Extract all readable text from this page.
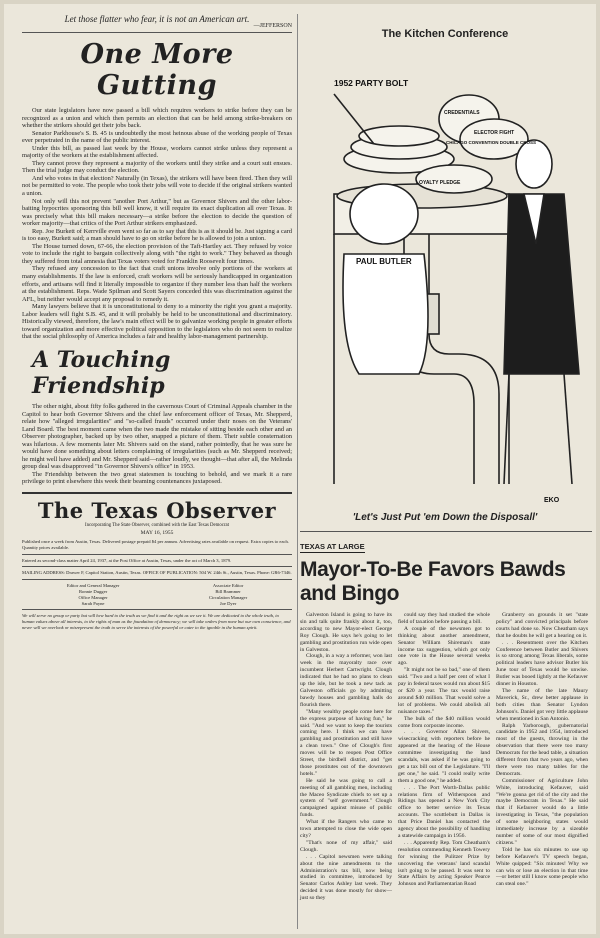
Let those flatter who fear, it is not an American art.
—JEFFERSON
One More Gutting

Our state legislators have now passed a bill which requires workers to strike before they can be recognized as a union and which then permits an election that can be held among strike-breakers on whether the strikers should get their jobs back.

Senator Parkhouse's S. B. 45 is undoubtedly the most heinous abuse of the working people of Texas ever perpetrated in the name of the public interest.

Under this bill, as passed last week by the House, workers cannot strike unless they represent a majority of the workers at the establishment affected.

They cannot prove they represent a majority of the workers until they strike and a court suit ensues. Then the trial judge may conduct the election.

And who votes in that election? Naturally (in Texas), the strikers will have been fired. Then they will not be permitted to vote. The people who took their jobs will vote to decide if the original strikers wanted a union.

Not only will this not prevent "another Port Arthur," but as Governor Shivers and the other labor-baiting hypocrites sponsoring this bill well know, it will require its exact duplication all over Texas. It was precisely what this bill makes necessary—a strike before the election to decide the question of worker majority—that critics of the Port Arthur strikers emphasized.

Rep. Joe Burkett of Kerrville even went so far as to say that this is as it should be. Just signing a card is too easy, Burkett said; a man should have to go on strike before he is allowed to join a union.

The House turned down, 67-66, the election provision of the Taft-Hartley act. They refused by voice vote to include the right to bargain collectively along with "the right to work." They behaved as though they suffered from total amnesia that Texas voters voted for Franklin Roosevelt four times.

They refused any concession to the fact that craft unions involve only portions of the workers at many establishments. If the law is enforced, craft workers will be seriously handicapped in organization efforts, and artisans will find it literally impossible to organize if they number less than half the workers at the establishment. Reps. Wade Spilman and Scott Sayers conceded this was discrimination against the AFL, but neither would accept any proposal to remedy it.

Many lawyers believe that it is unconstitutional to deny to a minority the right you grant a majority. Labor leaders will fight S.B. 45, and it will probably be held to be unconstitutional and discriminatory. Historically viewed, therefore, the law's main effect will be to galvanize working people in greater efforts toward organization and more effective political opposition to the legislators who do not seem to realize that the social philosophy of America includes a fair and healthy labor-management partnership.

A Touching Friendship

The other night, about fifty folks gathered in the cavernous Court of Criminal Appeals chamber in the Capitol to hear both Governor Shivers and the chief law enforcement officer of Texas, Mr. Shepperd, relate how "alleged irregularities" and "so-called frauds" occurred under their noses on the Veterans' Land Board. The best moment came when the two made the mistake of sitting beside each other and an Observer photographer, backed up by two other, snapped a picture of them. Their subtle consternation was hilarious. A few moments later Mr. Shivers said on the stand, rather pointedly, that he was sure he would have done something about letters complaining of irregularities (such as Mr. Shepperd received; he might well have added) and Mr. Shepperd said—rather loudly, we thought—that after all, the Melinda group deal was disapproved "in Governor Shivers's office" in 1953.

The Friendship between the two great statesmen is touching to behold, and we mark it a rare privilege to print elsewhere this week their beaming countenances juxtaposed.

The Texas Observer
Incorporating The State Observer, combined with the East Texas Democrat
MAY 16, 1955
Published once a week from Austin, Texas. Delivered postage prepaid $4 per annum. Advertising rates available on request. Extra copies to each. Quantity prices available.
Entered as second-class matter April 24, 1937, at the Post Office at Austin, Texas, under the act of March 3, 1879.
MAILING ADDRESS: Drawer F, Capitol Station, Austin, Texas. OFFICE OF PUBLICATION: 504 W. 24th St., Austin, Texas. Phone: GR6-7346.
Editor and General Manager
Ronnie Dugger
Office Manager
Sarah Payne
Associate Editor
Bill Brammer
Circulation Manager
Joe Dyer
We will serve no group or party but will hew hard to the truth as we find it and the right as we see it. We are dedicated to the whole truth, to human values above all interests, to the rights of man as the foundation of democracy; we will take orders from none but our own conscience, and never will we overlook or misrepresent the truth to serve the interests of the powerful or cater to the ignoble in the human spirit.
The Kitchen Conference
1952 PARTY BOLT
PAUL BUTLER
CHICAGO CONVENTION DOUBLE CROSS
LOYALTY PLEDGE
CREDENTIALS
ELECTOR FIGHT
EKO
'Let's Just Put 'em Down the Disposall'
TEXAS AT LARGE
Mayor-To-Be Favors Bawds and Bingo

Galveston Island is going to have its sin and talk quite frankly about it, too, according to new Mayor-elect George Roy Clough. He says he's going to let gambling and prostitution run wide open in Galveston.

Clough, in a way a reformer, won last week in the mayoralty race over incumbent Herbert Cartwright. Clough indicated that he had no plans to clean up the isle, but he took a new tack as Galveston officials go by admitting bawdy houses and gambling halls do flourish there.

"Many wealthy people come here for the express purpose of having fun," he said. "And we want to keep the tourists coming here. I think we can have gambling and prostitution and still have a clean town." One of Clough's first moves will be to reopen Post Office Street, the birdbell district, and "get those prostitutes out of the downtown hotels."

He said he was going to call a meeting of all gambling men, including the Maceo Syndicate chiefs to set up a system of "self government." Clough campaigned against misuse of public funds.

What if the Rangers who came to town attempted to close the wide open city?

"That's none of my affair," said Clough.

. . . Capitol newsmen were talking about the nine amendments to the Administration's tax bill, now being studied in committee, introduced by Senator Carlos Ashley last week. They decided it was done mostly for show—just so they

could say they had studied the whole field of taxation before passing a bill.

A couple of the newsmen got to thinking about another amendment, Senator William Shireman's state income tax suggestion, which got only one vote in the House several weeks ago.

"It might not be so bad," one of them said. "Two and a half per cent of what I pay in federal taxes would run about $15 or $20 a year. The tax would raise around $40 million. That would solve a lot of problems. We could abolish all nuisance taxes."

The bulk of the $40 million would come from corporate income.

. . . Governor Allan Shivers, wisecracking with reporters before he appeared at the hearing of the House committee investigating the land scandals, was asked if he was going to get a tax bill out of the Legislature. "I'll get one," he said. "I could really write them a good one," he added.

. . . The Port Worth-Dallas public relations firm of Witherspoon and Ridings has opened a New York City office to better service its Texas accounts. The scuttlebutt in Dallas is that Price Daniel has contacted the agency about the possibility of handling a statewide campaign in 1956.

. . . Apparently Rep. Tom Cheatham's resolution commending Kenneth Towery for winning the Pulitzer Prize by uncovering the veterans' land scandal isn't going to be passed. It was sent to State Affairs by acting Speaker Pearce Johnson and Parliamentarian Road

Granberry on grounds it set "state policy" and convicted principals before courts had done so. Now Cheatham says that he doubts he will get a hearing on it.

. . . Resentment over the Kitchen Conference between Butler and Shivers is so strong among Texas liberals, some political leaders have advisor Butler his June tour of Texas would be unwise. Butler was booed lightly at the Kefauver dinner in Houston.

The name of the late Maury Maverick, Sr., drew better applause in both cities than Senator Lyndon Johnson's. Daniel got very little applause when mentioned in San Antonio.

Ralph Yarborough, gubernatorial candidate in 1952 and 1954, introduced most of the guests, throwing in the observation that there were too many Democrats for the head table, a situation different from that two years ago, when there were too many tables for the Democrats.

Commissioner of Agriculture John White, introducing Kefauver, said "We're gonna get rid of the city and the maybe Democrats in Texas." He said that if Kefauver would do a little investigating in Texas, "the population of some neighboring states would immediately increase by a sizeable number of some of our most dignified citizens."

Told he has six minutes to use up before Kefauver's TV speech began, White quipped: "Six minutes! Why we can win or lose an election in that time—or better still I know some people who can steal one."
